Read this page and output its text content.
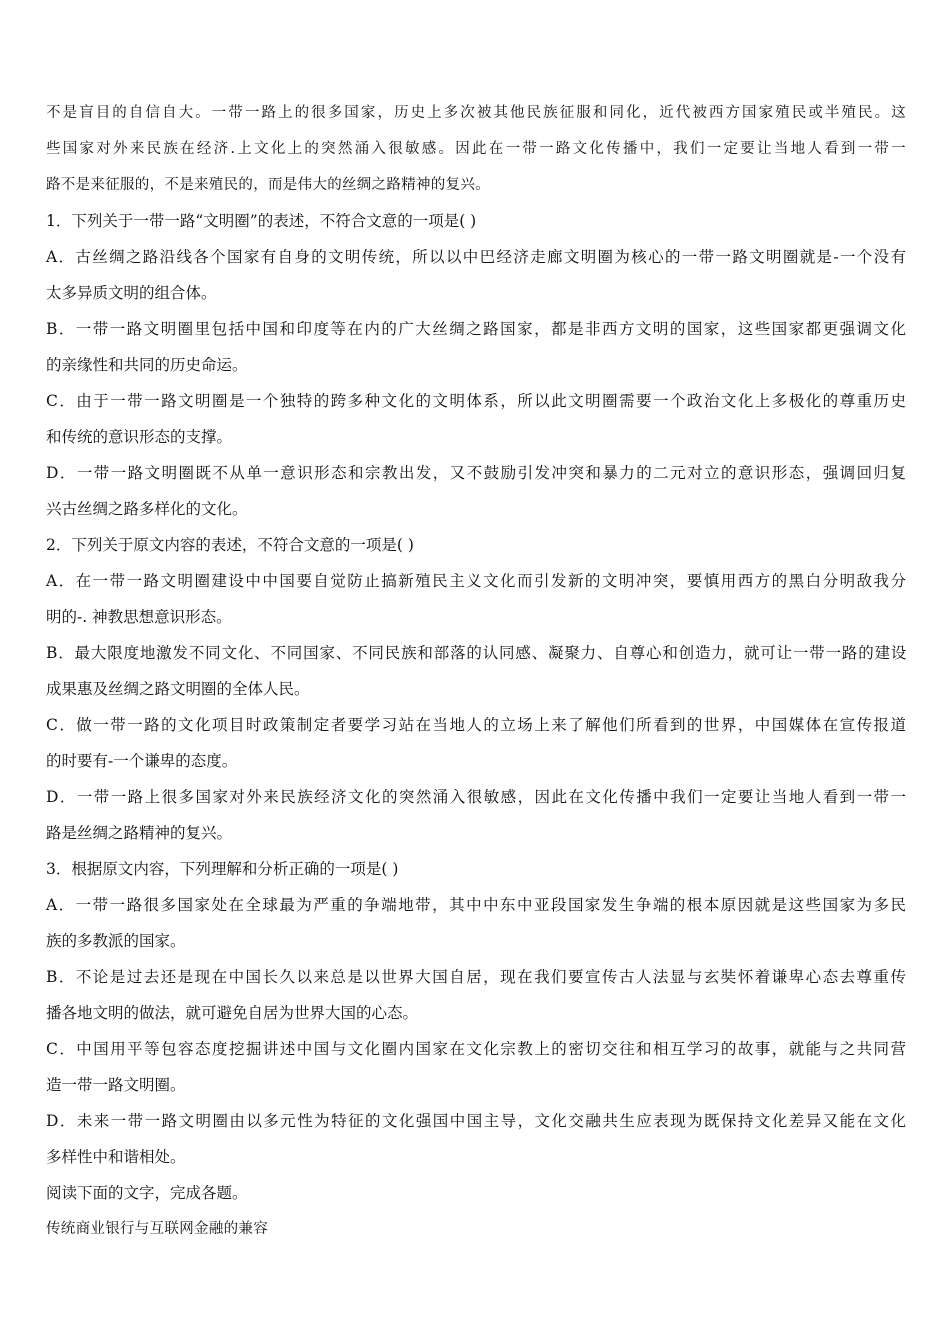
不是盲目的自信自大。一带一路上的很多国家，历史上多次被其他民族征服和同化，近代被西方国家殖民或半殖民。这

些国家对外来民族在经济.上文化上的突然涌入很敏感。因此在一带一路文化传播中，我们一定要让当地人看到一带一

路不是来征服的，不是来殖民的，而是伟大的丝绸之路精神的复兴。

1．下列关于一带一路“文明圈”的表述，不符合文意的一项是( )

A．古丝绸之路沿线各个国家有自身的文明传统，所以以中巴经济走廊文明圈为核心的一带一路文明圈就是-一个没有
太多异质文明的组合体。

B．一带一路文明圈里包括中国和印度等在内的广大丝绸之路国家，都是非西方文明的国家，这些国家都更强调文化
的亲缘性和共同的历史命运。

C．由于一带一路文明圈是一个独特的跨多种文化的文明体系，所以此文明圈需要一个政治文化上多极化的尊重历史
和传统的意识形态的支撑。

D．一带一路文明圈既不从单一意识形态和宗教出发，又不鼓励引发冲突和暴力的二元对立的意识形态，强调回归复
兴古丝绸之路多样化的文化。

2．下列关于原文内容的表述，不符合文意的一项是( )

A．在一带一路文明圈建设中中国要自觉防止搞新殖民主义文化而引发新的文明冲突，要慎用西方的黑白分明敌我分
明的-. 神教思想意识形态。

B．最大限度地激发不同文化、不同国家、不同民族和部落的认同感、凝聚力、自尊心和创造力，就可让一带一路的建设
成果惠及丝绸之路文明圈的全体人民。

C．做一带一路的文化项目时政策制定者要学习站在当地人的立场上来了解他们所看到的世界，中国媒体在宣传报道
的时要有-一个谦卑的态度。

D．一带一路上很多国家对外来民族经济文化的突然涌入很敏感，因此在文化传播中我们一定要让当地人看到一带一
路是丝绸之路精神的复兴。

3．根据原文内容，下列理解和分析正确的一项是( )

A．一带一路很多国家处在全球最为严重的争端地带，其中中东中亚段国家发生争端的根本原因就是这些国家为多民
族的多教派的国家。

B．不论是过去还是现在中国长久以来总是以世界大国自居，现在我们要宣传古人法显与玄奘怀着谦卑心态去尊重传
播各地文明的做法，就可避免自居为世界大国的心态。

C．中国用平等包容态度挖掘讲述中国与文化圈内国家在文化宗教上的密切交往和相互学习的故事，就能与之共同营
造一带一路文明圈。

D．未来一带一路文明圈由以多元性为特征的文化强国中国主导，文化交融共生应表现为既保持文化差异又能在文化
多样性中和谐相处。

阅读下面的文字，完成各题。

传统商业银行与互联网金融的兼容
